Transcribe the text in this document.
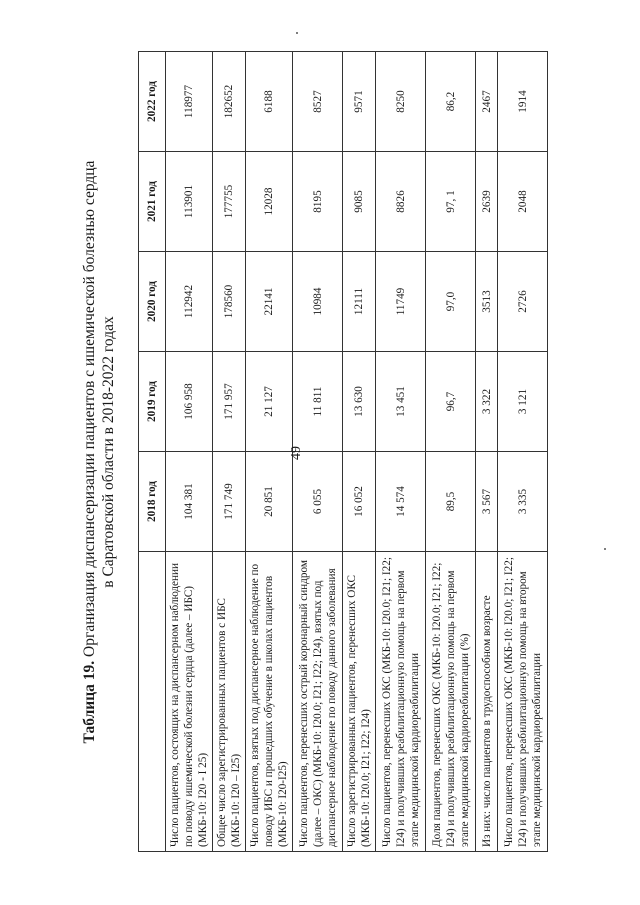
Таблица 19. Организация диспансеризации пациентов с ишемической болезнью сердца в Саратовской области в 2018-2022 годах
		2018 год	2019 год	2020 год	2021 год	2022 год
Число пациентов, состоящих на диспансерном наблюдении по поводу ишемической болезни сердца (далее – ИБС) (МКБ-10: I20 - I 25)	104 381	106 958	112942	113901	118977
Общее число зарегистрированных пациентов с ИБС (МКБ-10: I20 – I25)	171 749	171 957	178560	177755	182652
Число пациентов, взятых под диспансерное наблюдение по поводу ИБС и прошедших обучение в школах пациентов (МКБ-10: I20-I25)	20 851	21 127	22141	12028	6188
Число пациентов, перенесших острый коронарный синдром (далее – ОКС) (МКБ-10: I20.0; I21; I22; I24), взятых под диспансерное наблюдение по поводу данного заболевания	6 055	11 811	10984	8195	8527
Число зарегистрированных пациентов, перенесших ОКС (МКБ-10: I20.0; I21; I22; I24)	16 052	13 630	12111	9085	9571
Число пациентов, перенесших ОКС (МКБ-10: I20.0; I21; I22; I24) и получивших реабилитационную помощь на первом этапе медицинской кардиореабилитации	14 574	13 451	11749	8826	8250
Доля пациентов, перенесших ОКС (МКБ-10: I20.0; I21; I22; I24) и получивших реабилитационную помощь на первом этапе медицинской кардиореабилитации (%)	89,5	96,7	97,0	97, 1	86,2
Из них: число пациентов в трудоспособном возрасте	3 567	3 322	3513	2639	2467
Число пациентов, перенесших ОКС (МКБ-10: I20.0; I21; I22; I24) и получивших реабилитационную помощь на втором этапе медицинской кардиореабилитации	3 335	3 121	2726	2048	1914
49
